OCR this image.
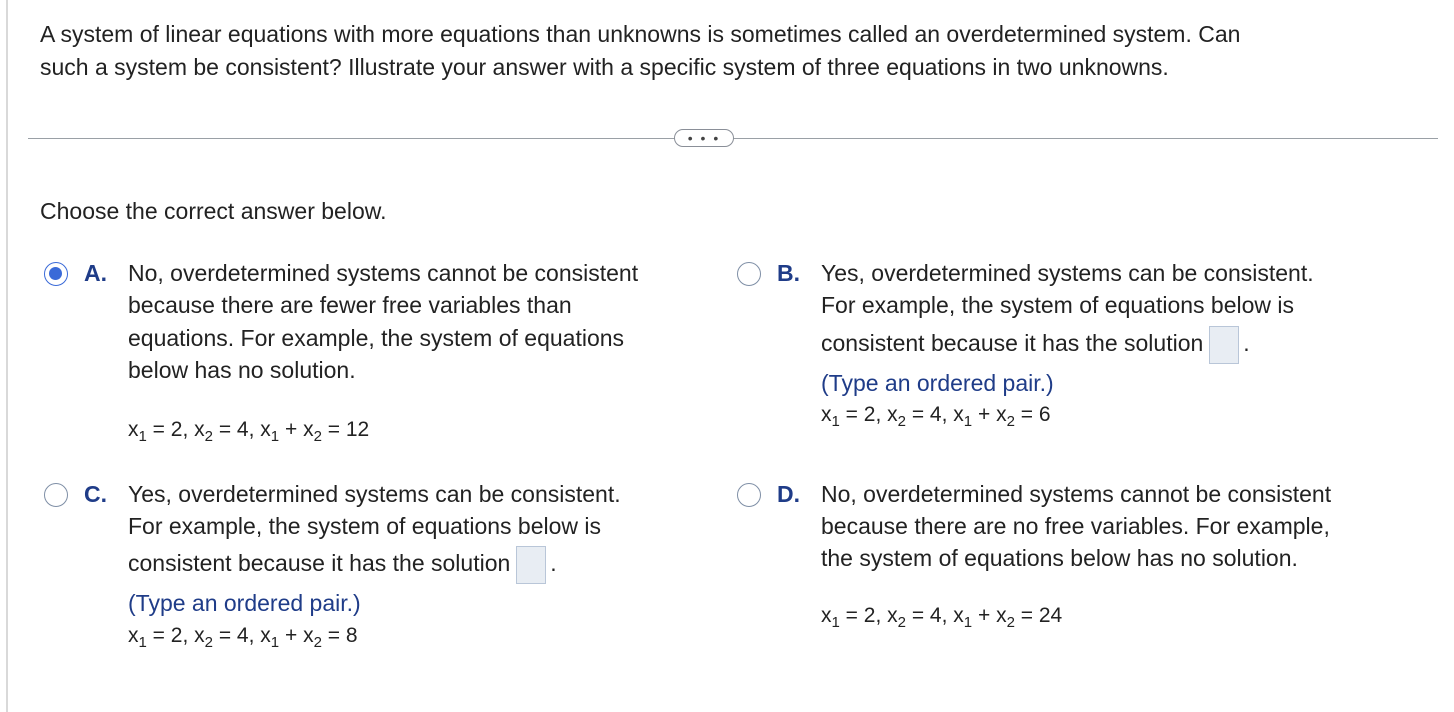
A system of linear equations with more equations than unknowns is sometimes called an overdetermined system. Can
such a system be consistent? Illustrate your answer with a specific system of three equations in two unknowns.
• • •
Choose the correct answer below.
A. No, overdetermined systems cannot be consistent
because there are fewer free variables than
equations. For example, the system of equations
below has no solution.
$x_1 = 2$, $x_2 = 4$, $x_1 + x_2 = 12$
B. Yes, overdetermined systems can be consistent.
For example, the system of equations below is
consistent because it has the solution .
(Type an ordered pair.)
$x_1 = 2$, $x_2 = 4$, $x_1 + x_2 = 6$
C. Yes, overdetermined systems can be consistent.
For example, the system of equations below is
consistent because it has the solution .
(Type an ordered pair.)
$x_1 = 2$, $x_2 = 4$, $x_1 + x_2 = 8$
D. No, overdetermined systems cannot be consistent
because there are no free variables. For example,
the system of equations below has no solution.
$x_1 = 2$, $x_2 = 4$, $x_1 + x_2 = 24$
